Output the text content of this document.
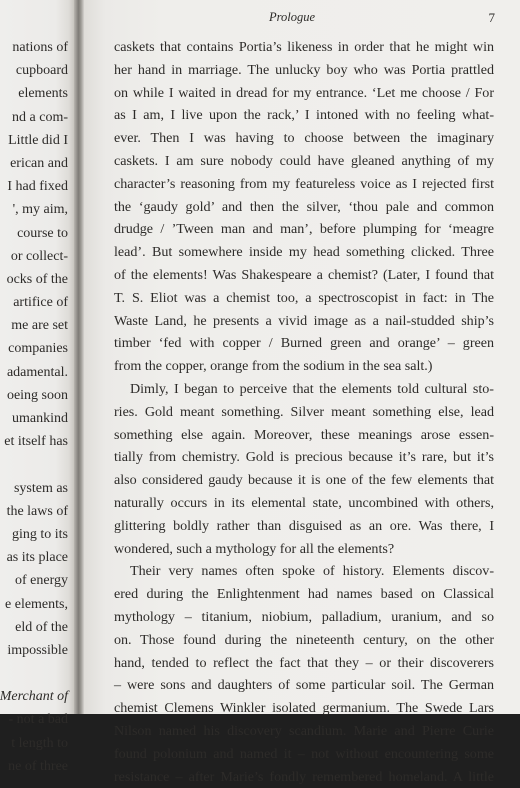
nations of
cupboard
elements
nd a com-
Little did I
erican and
I had fixed
', my aim,
course to
or collect-
ocks of the
artifice of
me are set
companies
adamental.
oeing soon
umankind
et itself has
system as
the laws of
ging to its
as its place
of energy
e elements,
eld of the
impossible
Merchant of
- not a bad
t length to
ne of three
Prologue	7
caskets that contains Portia’s likeness in order that he might win
her hand in marriage. The unlucky boy who was Portia prattled
on while I waited in dread for my entrance. ‘Let me choose / For
as I am, I live upon the rack,’ I intoned with no feeling what-
ever. Then I was having to choose between the imaginary
caskets. I am sure nobody could have gleaned anything of my
character’s reasoning from my featureless voice as I rejected first
the ‘gaudy gold’ and then the silver, ‘thou pale and common
drudge / ’Tween man and man’, before plumping for ‘meagre
lead’. But somewhere inside my head something clicked. Three
of the elements! Was Shakespeare a chemist? (Later, I found that
T. S. Eliot was a chemist too, a spectroscopist in fact: in The
Waste Land, he presents a vivid image as a nail-studded ship’s
timber ‘fed with copper / Burned green and orange’ – green
from the copper, orange from the sodium in the sea salt.)
Dimly, I began to perceive that the elements told cultural sto-
ries. Gold meant something. Silver meant something else, lead
something else again. Moreover, these meanings arose essen-
tially from chemistry. Gold is precious because it’s rare, but it’s
also considered gaudy because it is one of the few elements that
naturally occurs in its elemental state, uncombined with others,
glittering boldly rather than disguised as an ore. Was there, I
wondered, such a mythology for all the elements?
Their very names often spoke of history. Elements discov-
ered during the Enlightenment had names based on Classical
mythology – titanium, niobium, palladium, uranium, and so
on. Those found during the nineteenth century, on the other
hand, tended to reflect the fact that they – or their discoverers
– were sons and daughters of some particular soil. The German
chemist Clemens Winkler isolated germanium. The Swede Lars
Nilson named his discovery scandium. Marie and Pierre Curie
found polonium and named it – not without encountering some
resistance – after Marie’s fondly remembered homeland. A little
